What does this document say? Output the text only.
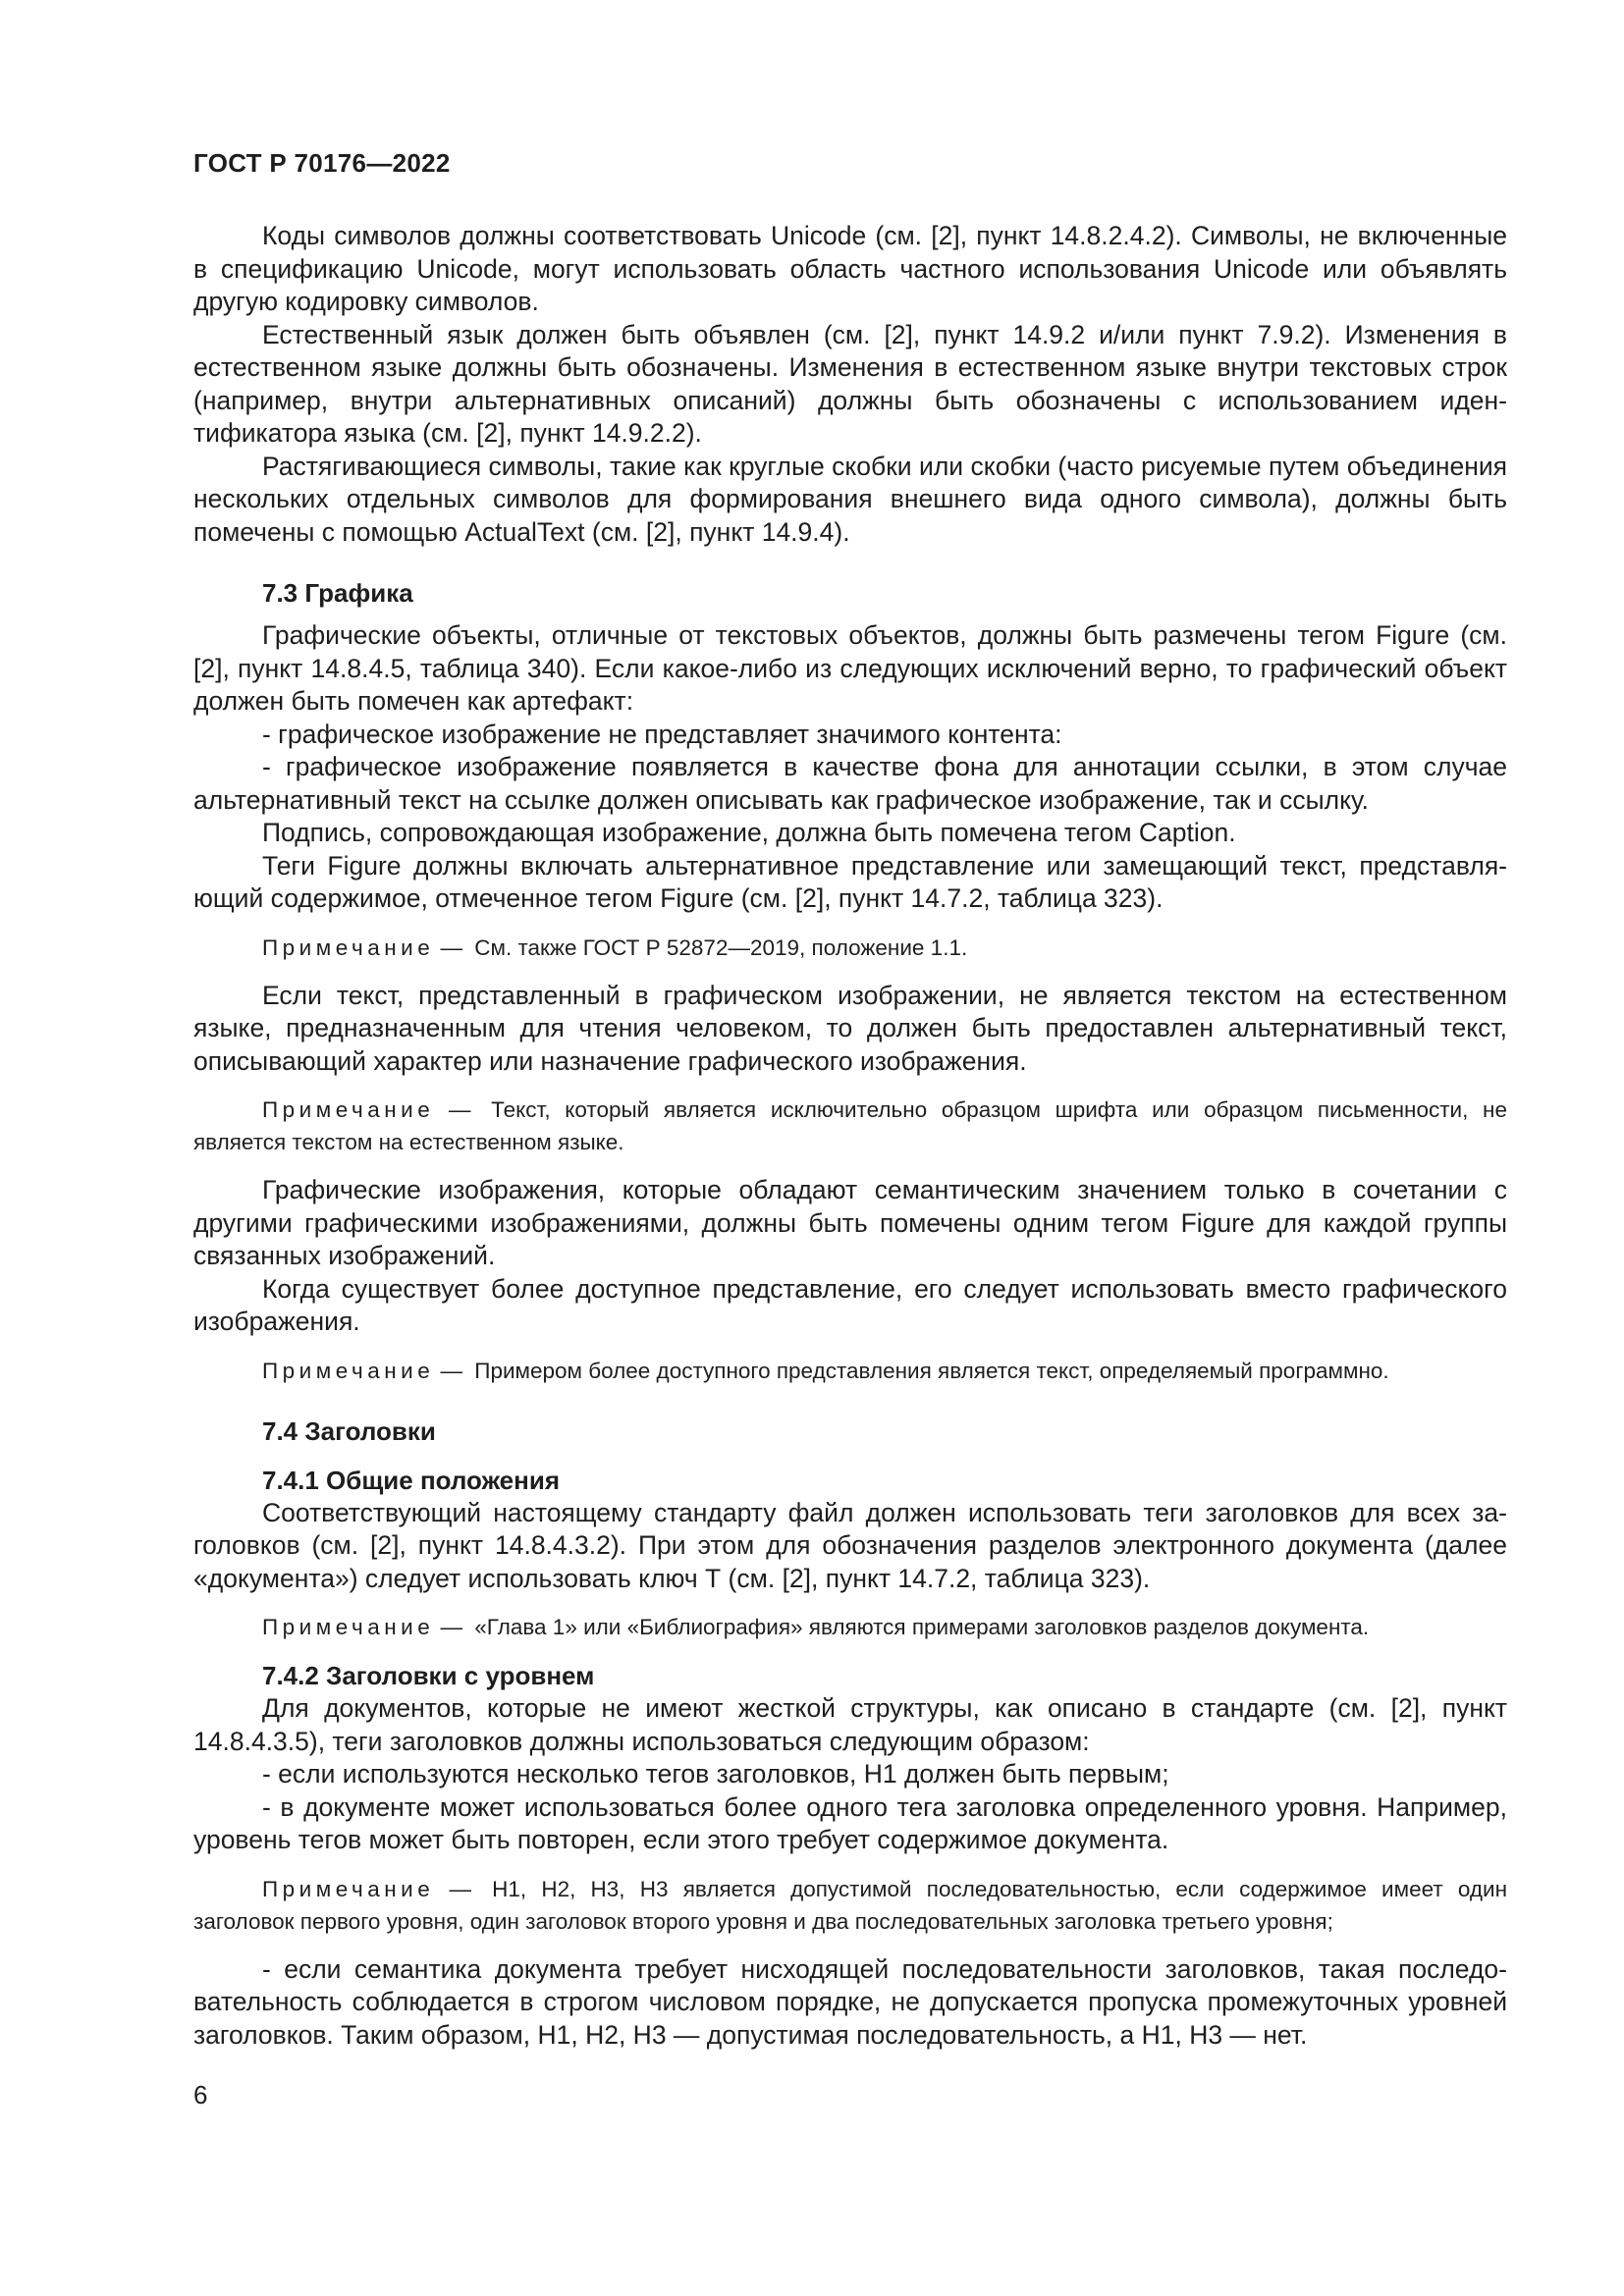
ГОСТ Р 70176—2022

Коды символов должны соответствовать Unicode (см. [2], пункт 14.8.2.4.2). Символы, не включенные в спецификацию Unicode, могут использовать область частного использования Unicode или объявлять другую кодировку символов.

Естественный язык должен быть объявлен (см. [2], пункт 14.9.2 и/или пункт 7.9.2). Изменения в естественном языке должны быть обозначены. Изменения в естественном языке внутри текстовых строк (например, внутри альтернативных описаний) должны быть обозначены с использованием идентификатора языка (см. [2], пункт 14.9.2.2).

Растягивающиеся символы, такие как круглые скобки или скобки (часто рисуемые путем объединения нескольких отдельных символов для формирования внешнего вида одного символа), должны быть помечены с помощью ActualText (см. [2], пункт 14.9.4).

7.3 Графика

Графические объекты, отличные от текстовых объектов, должны быть размечены тегом Figure (см. [2], пункт 14.8.4.5, таблица 340). Если какое-либо из следующих исключений верно, то графический объект должен быть помечен как артефакт:

- графическое изображение не представляет значимого контента:

- графическое изображение появляется в качестве фона для аннотации ссылки, в этом случае альтернативный текст на ссылке должен описывать как графическое изображение, так и ссылку.

Подпись, сопровождающая изображение, должна быть помечена тегом Caption.

Теги Figure должны включать альтернативное представление или замещающий текст, представляющий содержимое, отмеченное тегом Figure (см. [2], пункт 14.7.2, таблица 323).

Примечание — См. также ГОСТ Р 52872—2019, положение 1.1.

Если текст, представленный в графическом изображении, не является текстом на естественном языке, предназначенным для чтения человеком, то должен быть предоставлен альтернативный текст, описывающий характер или назначение графического изображения.

Примечание — Текст, который является исключительно образцом шрифта или образцом письменности, не является текстом на естественном языке.

Графические изображения, которые обладают семантическим значением только в сочетании с другими графическими изображениями, должны быть помечены одним тегом Figure для каждой группы связанных изображений.

Когда существует более доступное представление, его следует использовать вместо графического изображения.

Примечание — Примером более доступного представления является текст, определяемый программно.
7.4 Заголовки
7.4.1 Общие положения

Соответствующий настоящему стандарту файл должен использовать теги заголовков для всех заголовков (см. [2], пункт 14.8.4.3.2). При этом для обозначения разделов электронного документа (далее «документа») следует использовать ключ Т (см. [2], пункт 14.7.2, таблица 323).

Примечание — «Глава 1» или «Библиография» являются примерами заголовков разделов документа.
7.4.2 Заголовки с уровнем

Для документов, которые не имеют жесткой структуры, как описано в стандарте (см. [2], пункт 14.8.4.3.5), теги заголовков должны использоваться следующим образом:

- если используются несколько тегов заголовков, H1 должен быть первым;

- в документе может использоваться более одного тега заголовка определенного уровня. Например, уровень тегов может быть повторен, если этого требует содержимое документа.

Примечание — H1, H2, H3, H3 является допустимой последовательностью, если содержимое имеет один заголовок первого уровня, один заголовок второго уровня и два последовательных заголовка третьего уровня;

- если семантика документа требует нисходящей последовательности заголовков, такая последовательность соблюдается в строгом числовом порядке, не допускается пропуска промежуточных уровней заголовков. Таким образом, H1, H2, H3 — допустимая последовательность, а H1, H3 — нет.

6
